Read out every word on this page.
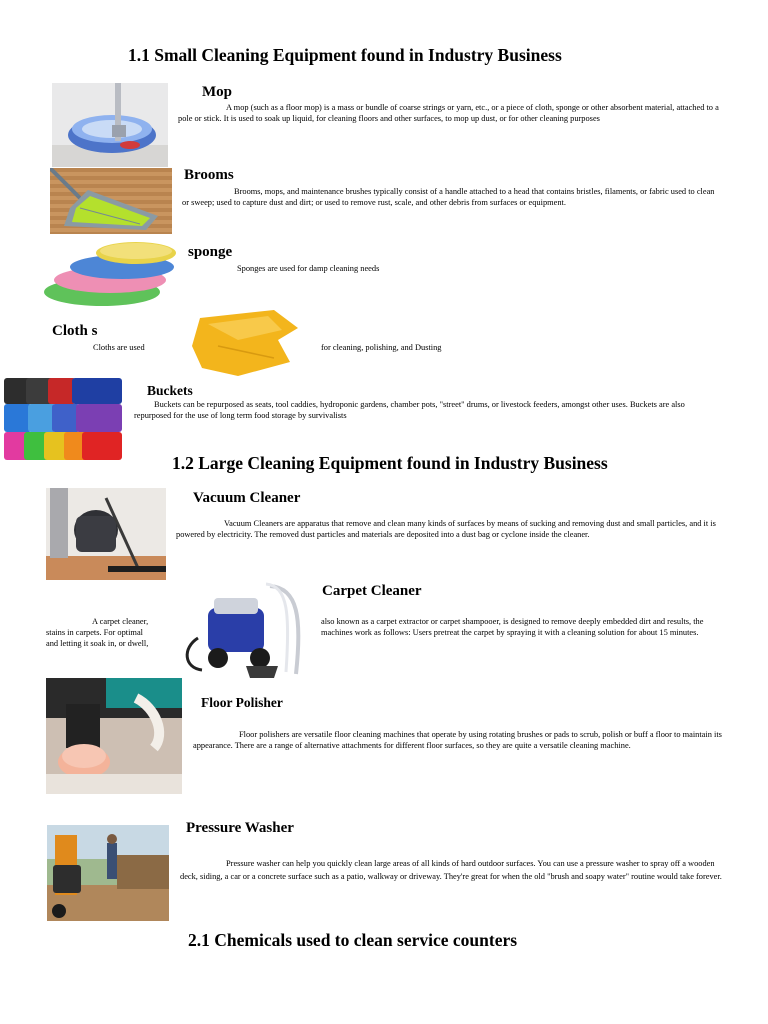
1.1 Small Cleaning Equipment found in Industry Business
Mop
A mop (such as a floor mop) is a mass or bundle of coarse strings or yarn, etc., or a piece of cloth, sponge or other absorbent material, attached to a pole or stick. It is used to soak up liquid, for cleaning floors and other surfaces, to mop up dust, or for other cleaning purposes
Brooms
Brooms, mops, and maintenance brushes typically consist of a handle attached to a head that contains bristles, filaments, or fabric used to clean or sweep; used to capture dust and dirt; or used to remove rust, scale, and other debris from surfaces or equipment.
sponge
Sponges are used for damp cleaning needs
Cloth s
Cloths are used	for cleaning, polishing, and Dusting
Buckets
Buckets can be repurposed as seats, tool caddies, hydroponic gardens, chamber pots, "street" drums, or livestock feeders, amongst other uses. Buckets are also repurposed for the use of long term food storage by survivalists
1.2 Large Cleaning Equipment found in Industry Business
Vacuum Cleaner
Vacuum Cleaners are apparatus that remove and clean many kinds of surfaces by means of sucking and removing dust and small particles, and it is powered by electricity. The removed dust particles and materials are deposited into a dust bag or cyclone inside the cleaner.
Carpet Cleaner
A carpet cleaner,
stains in carpets. For optimal
and letting it soak in, or dwell,
also known as a carpet extractor or carpet shampooer, is designed to remove deeply embedded dirt and results, the machines work as follows: Users pretreat the carpet by spraying it with a cleaning solution for about 15 minutes.
Floor Polisher
Floor polishers are versatile floor cleaning machines that operate by using rotating brushes or pads to scrub, polish or buff a floor to maintain its appearance. There are a range of alternative attachments for different floor surfaces, so they are quite a versatile cleaning machine.
Pressure Washer
Pressure washer can help you quickly clean large areas of all kinds of hard outdoor surfaces. You can use a pressure washer to spray off a wooden deck, siding, a car or a concrete surface such as a patio, walkway or driveway. They're great for when the old "brush and soapy water" routine would take forever.
2.1 Chemicals used to clean service counters
